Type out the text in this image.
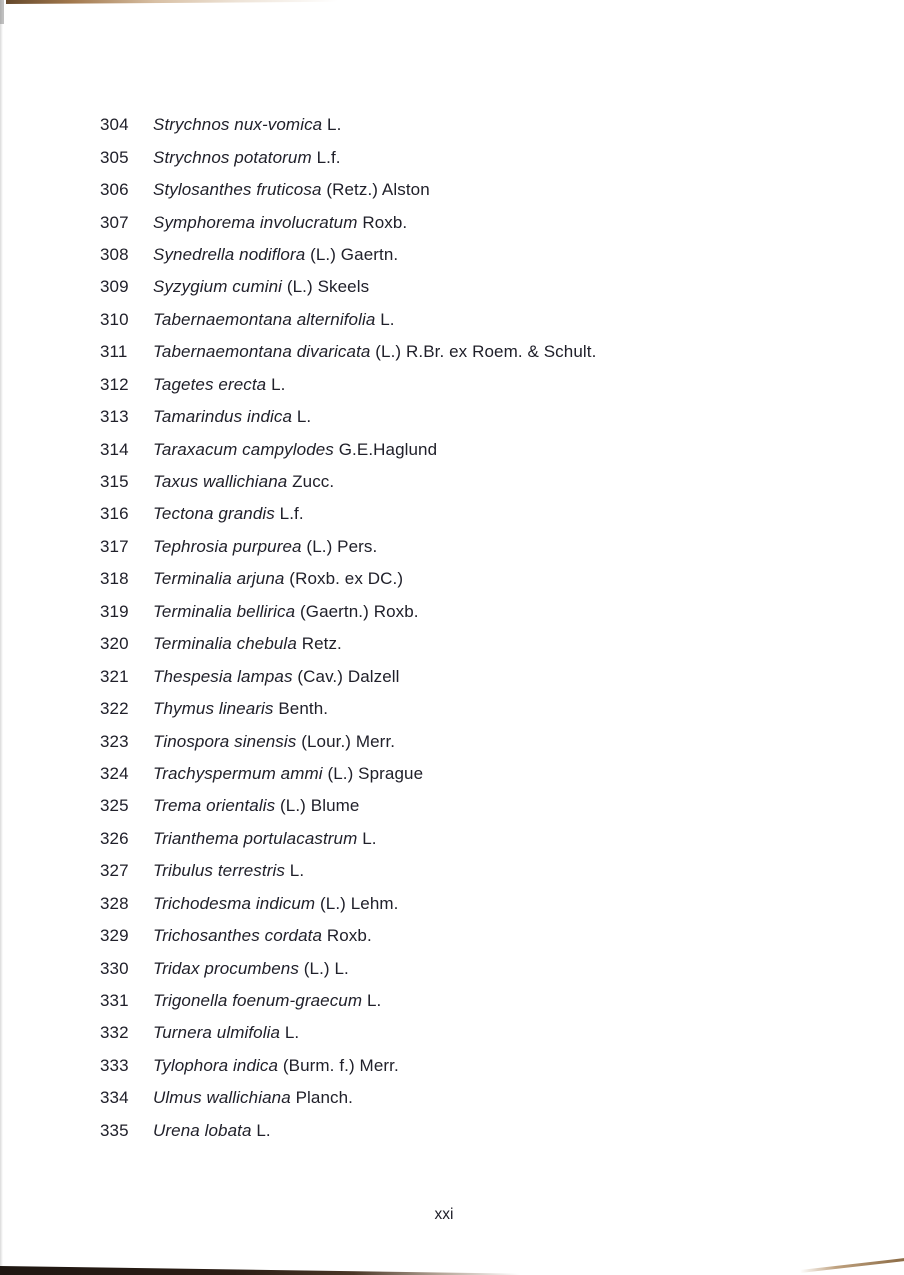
304	Strychnos nux-vomica L.
305	Strychnos potatorum L.f.
306	Stylosanthes fruticosa (Retz.) Alston
307	Symphorema involucratum Roxb.
308	Synedrella nodiflora (L.) Gaertn.
309	Syzygium cumini (L.) Skeels
310	Tabernaemontana alternifolia L.
311	Tabernaemontana divaricata (L.) R.Br. ex Roem. & Schult.
312	Tagetes erecta L.
313	Tamarindus indica L.
314	Taraxacum campylodes G.E.Haglund
315	Taxus wallichiana Zucc.
316	Tectona grandis L.f.
317	Tephrosia purpurea (L.) Pers.
318	Terminalia arjuna (Roxb. ex DC.)
319	Terminalia bellirica (Gaertn.) Roxb.
320	Terminalia chebula Retz.
321	Thespesia lampas (Cav.) Dalzell
322	Thymus linearis Benth.
323	Tinospora sinensis (Lour.) Merr.
324	Trachyspermum ammi (L.) Sprague
325	Trema orientalis (L.) Blume
326	Trianthema portulacastrum L.
327	Tribulus terrestris L.
328	Trichodesma indicum (L.) Lehm.
329	Trichosanthes cordata Roxb.
330	Tridax procumbens (L.) L.
331	Trigonella foenum-graecum L.
332	Turnera ulmifolia L.
333	Tylophora indica (Burm. f.) Merr.
334	Ulmus wallichiana Planch.
335	Urena lobata L.
xxi
